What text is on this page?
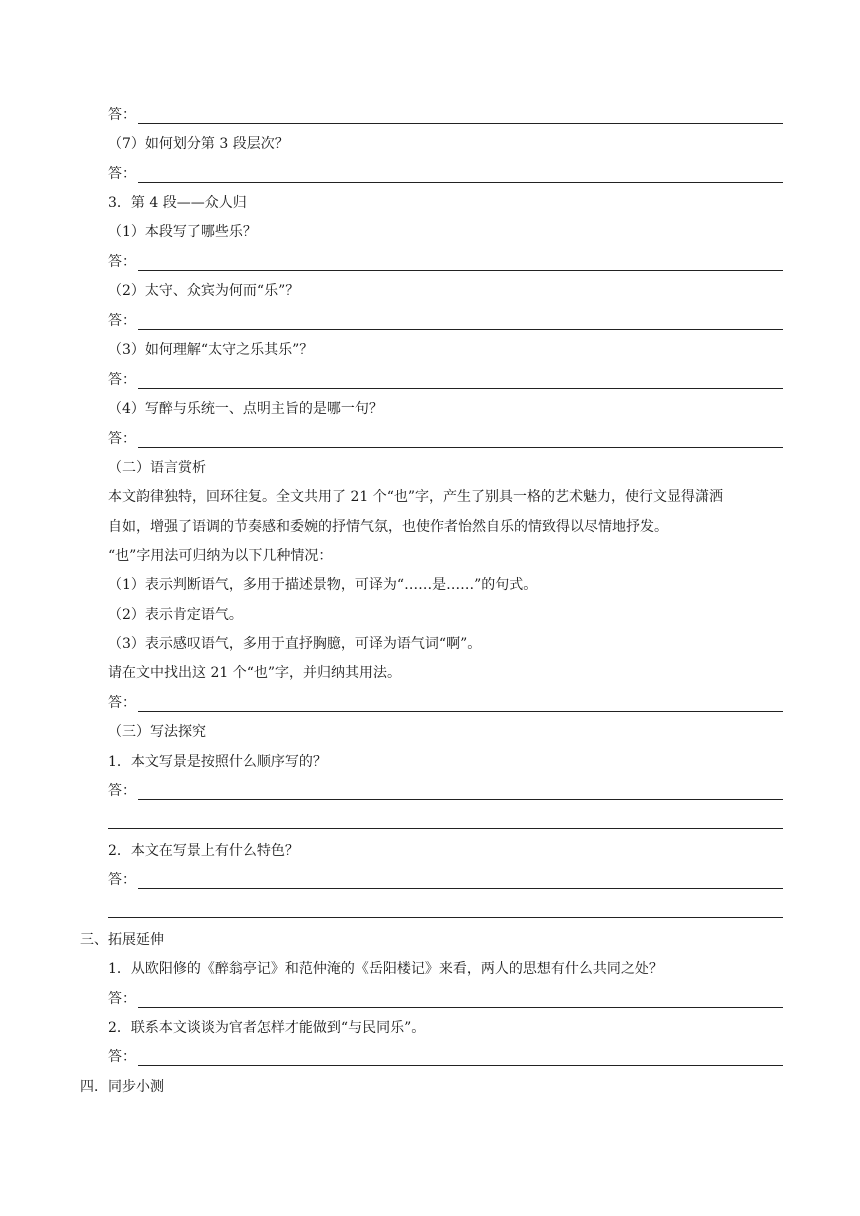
答：
（7）如何划分第 3 段层次？
答：
3．第 4 段——众人归
（1）本段写了哪些乐？
答：
（2）太守、众宾为何而“乐”？
答：
（3）如何理解“太守之乐其乐”？
答：
（4）写醉与乐统一、点明主旨的是哪一句？
答：
（二）语言赏析
本文韵律独特，回环往复。全文共用了 21 个“也”字，产生了别具一格的艺术魅力，使行文显得潇洒
自如，增强了语调的节奏感和委婉的抒情气氛，也使作者怡然自乐的情致得以尽情地抒发。
“也”字用法可归纳为以下几种情况：
（1）表示判断语气，多用于描述景物，可译为“……是……”的句式。
（2）表示肯定语气。
（3）表示感叹语气，多用于直抒胸臆，可译为语气词“啊”。
请在文中找出这 21 个“也”字，并归纳其用法。
答：
（三）写法探究
1．本文写景是按照什么顺序写的？
答：
2．本文在写景上有什么特色？
答：
三、拓展延伸
1．从欧阳修的《醉翁亭记》和范仲淹的《岳阳楼记》来看，两人的思想有什么共同之处？
答：
2．联系本文谈谈为官者怎样才能做到“与民同乐”。
答：
四．同步小测
